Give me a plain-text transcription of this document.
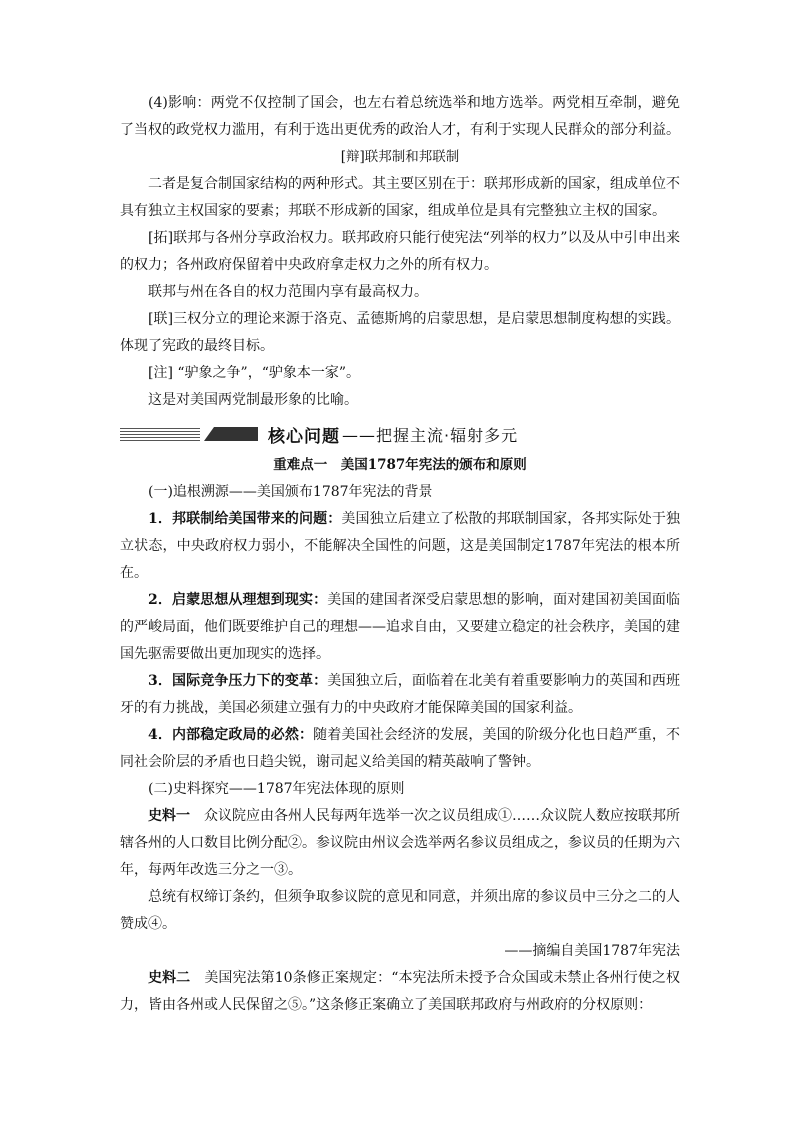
(4)影响：两党不仅控制了国会，也左右着总统选举和地方选举。两党相互牵制，避免了当权的政党权力滥用，有利于选出更优秀的政治人才，有利于实现人民群众的部分利益。

[辩]联邦制和邦联制

二者是复合制国家结构的两种形式。其主要区别在于：联邦形成新的国家，组成单位不具有独立主权国家的要素；邦联不形成新的国家，组成单位是具有完整独立主权的国家。

[拓]联邦与各州分享政治权力。联邦政府只能行使宪法“列举的权力”以及从中引申出来的权力；各州政府保留着中央政府拿走权力之外的所有权力。

联邦与州在各自的权力范围内享有最高权力。

[联]三权分立的理论来源于洛克、孟德斯鸠的启蒙思想，是启蒙思想制度构想的实践。体现了宪政的最终目标。

[注] “驴象之争”，“驴象本一家”。

这是对美国两党制最形象的比喻。

核心问题 ——把握主流·辐射多元

重难点一　美国1787年宪法的颁布和原则

(一)追根溯源——美国颁布1787年宪法的背景

1．邦联制给美国带来的问题：美国独立后建立了松散的邦联制国家，各邦实际处于独立状态，中央政府权力弱小，不能解决全国性的问题，这是美国制定1787年宪法的根本所在。

2．启蒙思想从理想到现实：美国的建国者深受启蒙思想的影响，面对建国初美国面临的严峻局面，他们既要维护自己的理想——追求自由，又要建立稳定的社会秩序，美国的建国先驱需要做出更加现实的选择。

3．国际竞争压力下的变革：美国独立后，面临着在北美有着重要影响力的英国和西班牙的有力挑战，美国必须建立强有力的中央政府才能保障美国的国家利益。

4．内部稳定政局的必然：随着美国社会经济的发展，美国的阶级分化也日趋严重，不同社会阶层的矛盾也日趋尖锐，谢司起义给美国的精英敲响了警钟。

(二)史料探究——1787年宪法体现的原则

史料一　众议院应由各州人民每两年选举一次之议员组成①……众议院人数应按联邦所辖各州的人口数目比例分配②。参议院由州议会选举两名参议员组成之，参议员的任期为六年，每两年改选三分之一③。

总统有权缔订条约，但须争取参议院的意见和同意，并须出席的参议员中三分之二的人赞成④。

——摘编自美国1787年宪法

史料二　美国宪法第10条修正案规定：“本宪法所未授予合众国或未禁止各州行使之权力，皆由各州或人民保留之⑤。”这条修正案确立了美国联邦政府与州政府的分权原则：
